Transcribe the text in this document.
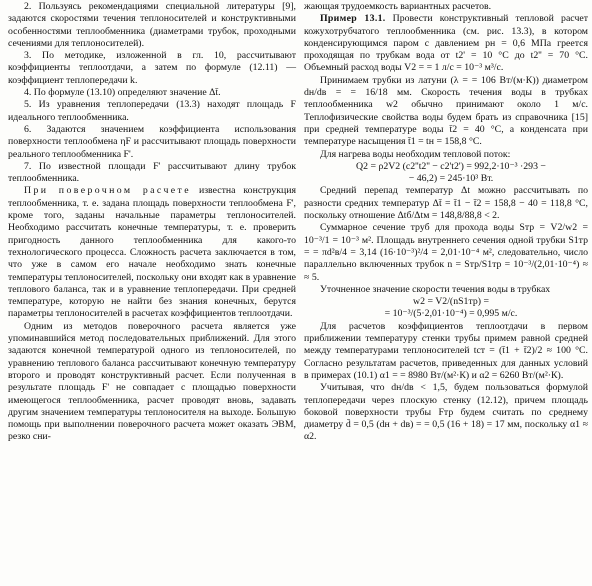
2. Пользуясь рекомендациями специальной литературы [9], задаются скоростями течения теплоносителей и конструктивными особенностями теплообменника (диаметрами трубок, проходными сечениями для теплоносителей).

3. По методике, изложенной в гл. 10, рассчитывают коэффициенты теплоотдачи, а затем по формуле (12.11) — коэффициент теплопередачи k.

4. По формуле (13.10) определяют значение Δt̄.

5. Из уравнения теплопередачи (13.3) находят площадь F идеального теплообменника.

6. Задаются значением коэффициента использования поверхности теплообмена ηF и рассчитывают площадь поверхности реального теплообменника F'.

7. По известной площади F' рассчитывают длину трубок теплообменника.

При поверочном расчете известна конструкция теплообменника, т. е. задана площадь поверхности теплообмена F', кроме того, заданы начальные параметры теплоносителей. Необходимо рассчитать конечные температуры, т. е. проверить пригодность данного теплообменника для какого-то технологического процесса. Сложность расчета заключается в том, что уже в самом его начале необходимо знать конечные температуры теплоносителей, поскольку они входят как в уравнение теплового баланса, так и в уравнение теплопередачи. При средней температуре, которую не найти без знания конечных, берутся параметры теплоносителей в расчетах коэффициентов теплоотдачи.

Одним из методов поверочного расчета является уже упоминавшийся метод последовательных приближений. Для этого задаются конечной температурой одного из теплоносителей, по уравнению теплового баланса рассчитывают конечную температуру второго и проводят конструктивный расчет. Если полученная в результате площадь F' не совпадает с площадью поверхности имеющегося теплообменника, расчет проводят вновь, задавать другим значением температуры теплоносителя на выходе. Большую помощь при выполнении поверочного расчета может оказать ЭВМ, резко сни-

жающая трудоемкость вариантных расчетов.

Пример 13.1. Провести конструктивный тепловой расчет кожухотрубчатого теплообменника (см. рис. 13.3), в котором конденсирующимся паром с давлением pн = 0,6 МПа греется проходящая по трубкам вода от t2' = 10 °С до t2'' = 70 °С. Объемный расход воды V2 = = 1 л/с = 10⁻³ м³/с.

Принимаем трубки из латуни (λ = = 106 Вт/(м·К)) диаметром dн/dв = = 16/18 мм. Скорость течения воды в трубках теплообменника w2 обычно принимают около 1 м/с. Теплофизические свойства воды будем брать из справочника [15] при средней температуре воды t̄2 = 40 °С, а конденсата при температуре насыщения t̄1 = tн = 158,8 °С.

Для нагрева воды необходим тепловой поток:

Q2 = ρ2V2 (c2''t2'' − c2't2') = 992,2·10⁻³ ·293 −

− 46,2) = 245·10³ Вт.

Средний перепад температур Δt можно рассчитывать по разности средних температур Δt̄ = t̄1 − t̄2 = 158,8 − 40 = 118,8 °С, поскольку отношение Δtб/Δtм = 148,8/88,8 < 2.

Суммарное сечение труб для прохода воды Sтр = V2/w2 = 10⁻³/1 = 10⁻³ м². Площадь внутреннего сечения одной трубки S1тр = = πd²в/4 = 3,14 (16·10⁻³)²/4 = 2,01·10⁻⁴ м², следовательно, число параллельно включенных трубок n = Sтр/S1тр = 10⁻³/(2,01·10⁻⁴) ≈ ≈ 5.

Уточненное значение скорости течения воды в трубках

w2 = V2/(nS1тр) =

= 10⁻³/(5·2,01·10⁻⁴) = 0,995 м/с.

Для расчетов коэффициентов теплоотдачи в первом приближении температуру стенки трубы примем равной средней между температурами теплоносителей tст = (t̄1 + t̄2)/2 ≈ 100 °С. Согласно результатам расчетов, приведенных для данных условий в примерах (10.1) α1 = = 8980 Вт/(м²·К) и α2 = 6260 Вт/(м²·К).

Учитывая, что dн/dв < 1,5, будем пользоваться формулой теплопередачи через плоскую стенку (12.12), причем площадь боковой поверхности трубы Fтр будем считать по среднему диаметру d̄ = 0,5 (dн + dв) = = 0,5 (16 + 18) = 17 мм, поскольку α1 ≈ α2.
